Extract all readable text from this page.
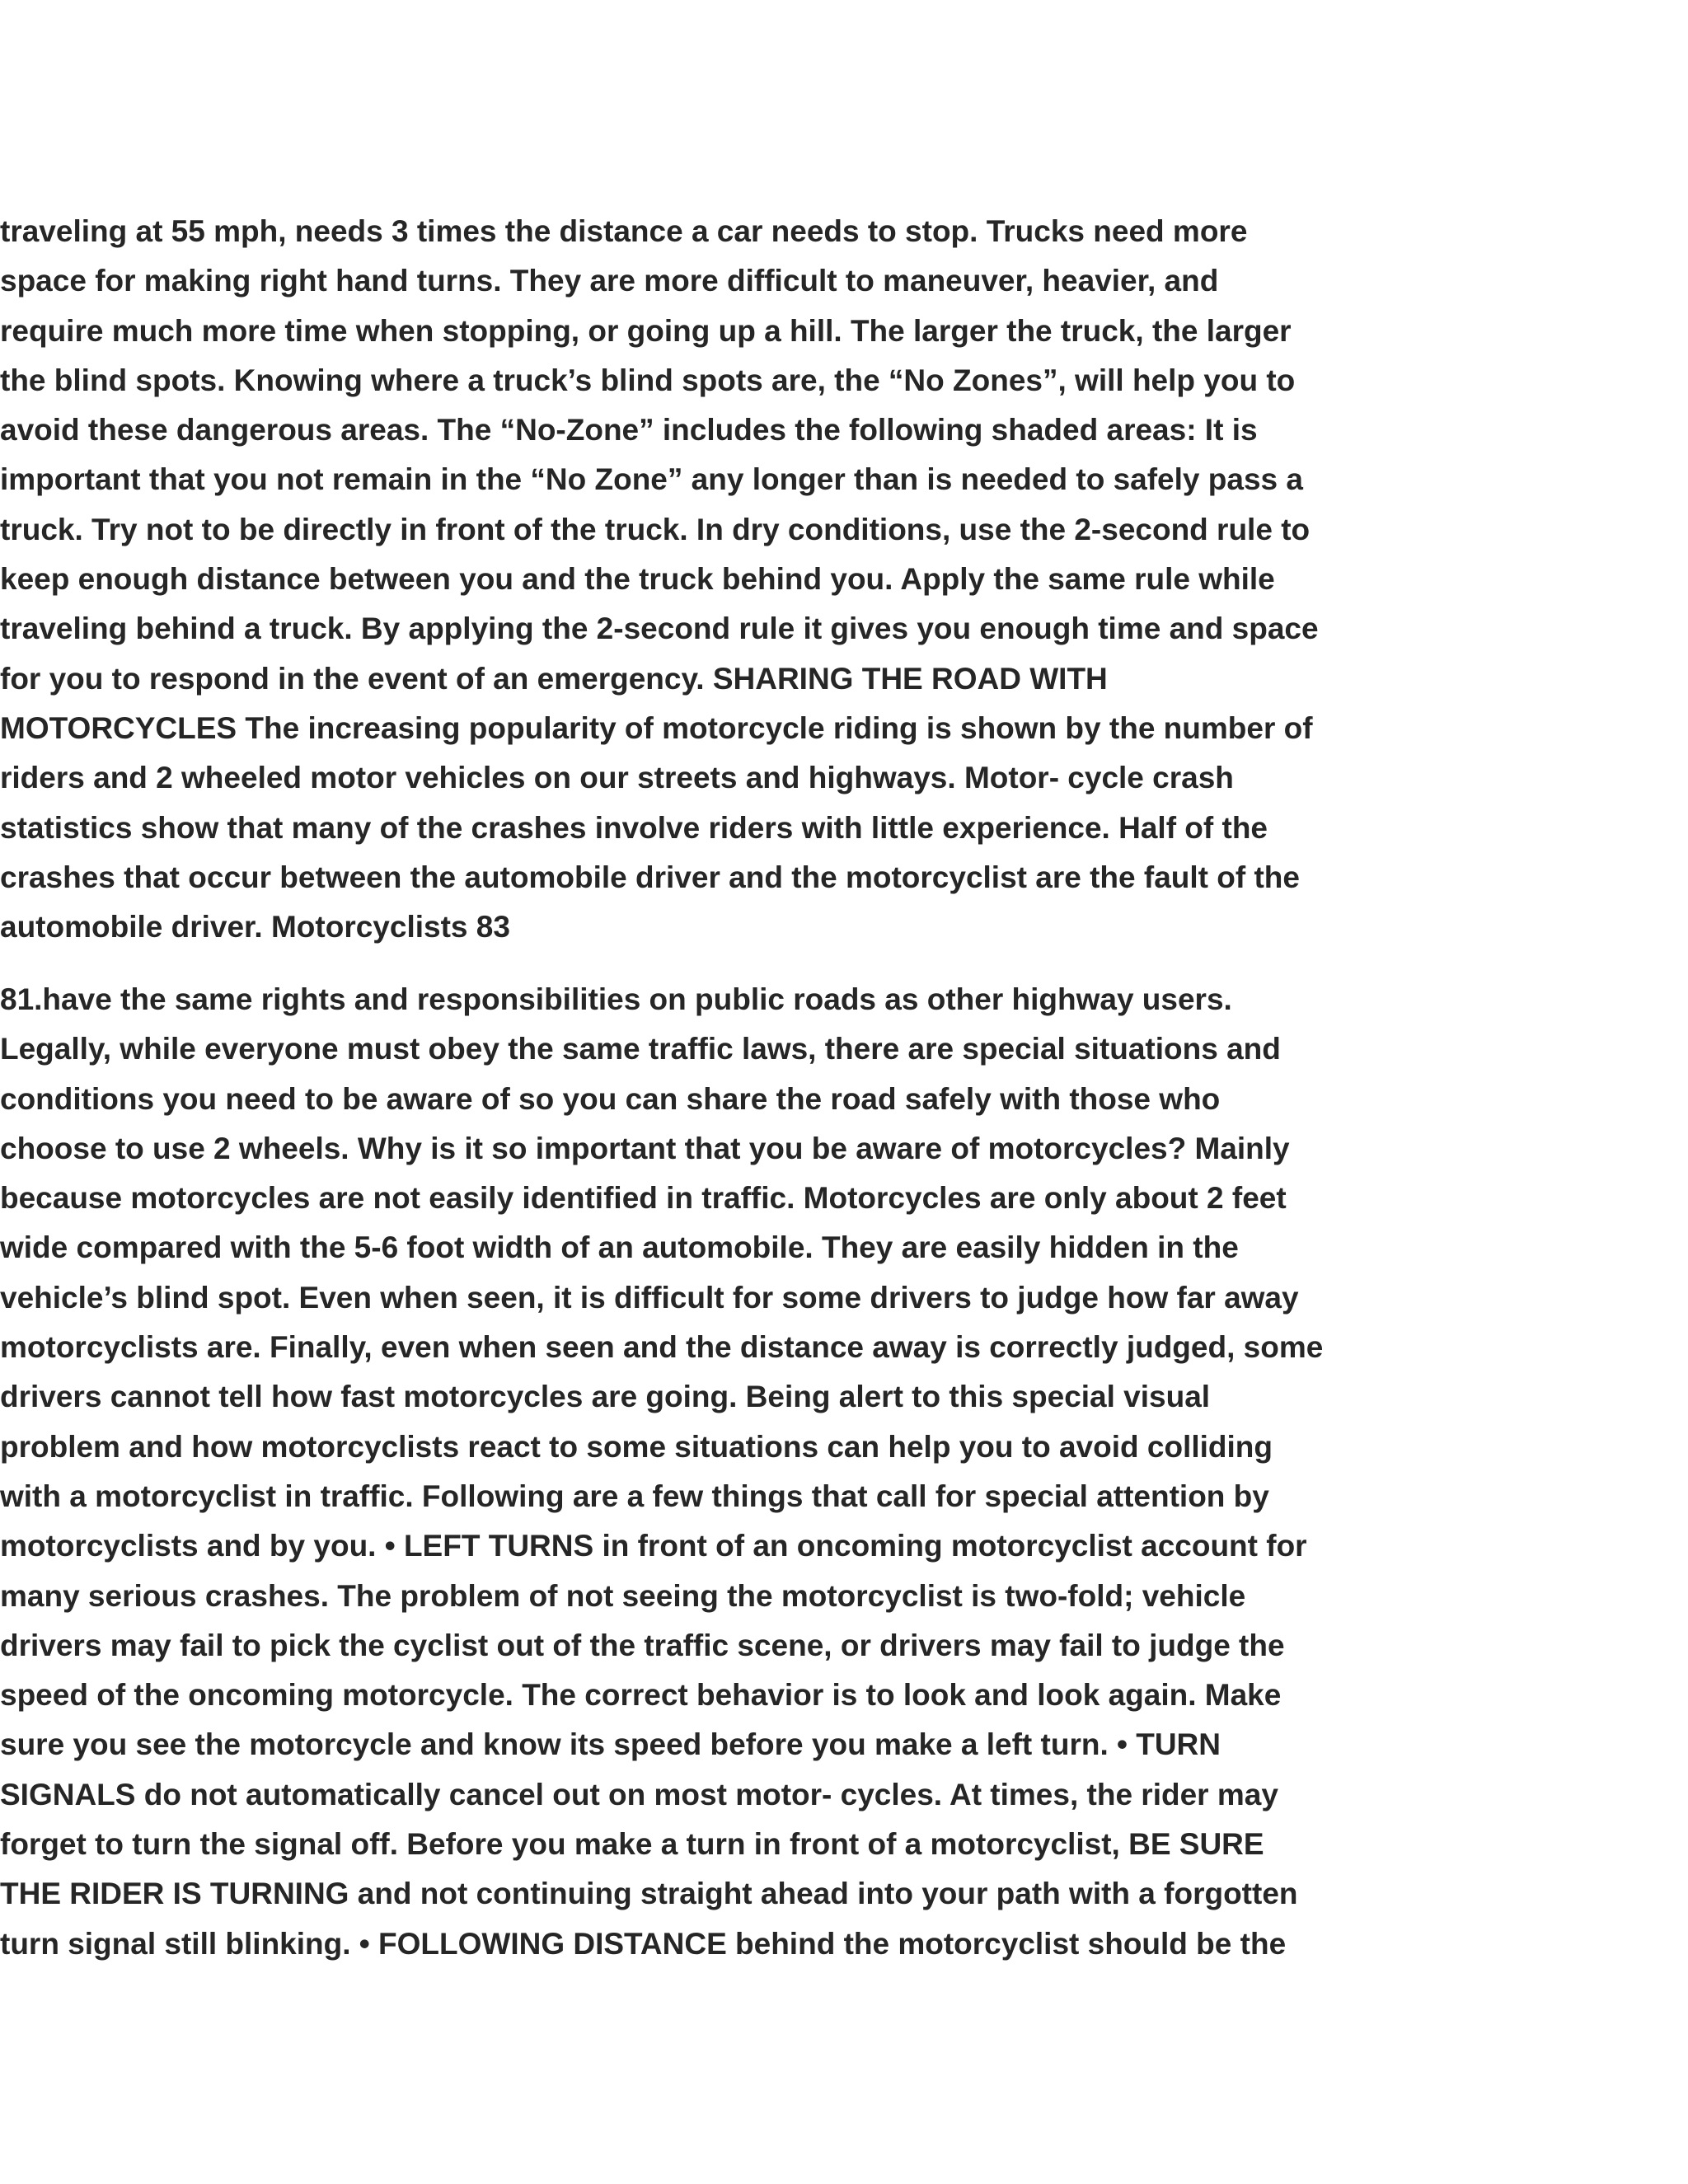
traveling at 55 mph, needs 3 times the distance a car needs to stop. Trucks need more
space for making right hand turns. They are more difficult to maneuver, heavier, and
require much more time when stopping, or going up a hill. The larger the truck, the larger
the blind spots. Knowing where a truck’s blind spots are, the “No Zones”, will help you to
avoid these dangerous areas. The “No-Zone” includes the following shaded areas: It is
important that you not remain in the “No Zone” any longer than is needed to safely pass a
truck. Try not to be directly in front of the truck. In dry conditions, use the 2-second rule to
keep enough distance between you and the truck behind you. Apply the same rule while
traveling behind a truck. By applying the 2-second rule it gives you enough time and space
for you to respond in the event of an emergency. SHARING THE ROAD WITH
MOTORCYCLES The increasing popularity of motorcycle riding is shown by the number of
riders and 2 wheeled motor vehicles on our streets and highways. Motor- cycle crash
statistics show that many of the crashes involve riders with little experience. Half of the
crashes that occur between the automobile driver and the motorcyclist are the fault of the
automobile driver. Motorcyclists 83

81.have the same rights and responsibilities on public roads as other highway users.
Legally, while everyone must obey the same traffic laws, there are special situations and
conditions you need to be aware of so you can share the road safely with those who
choose to use 2 wheels. Why is it so important that you be aware of motorcycles? Mainly
because motorcycles are not easily identified in traffic. Motorcycles are only about 2 feet
wide compared with the 5-6 foot width of an automobile. They are easily hidden in the
vehicle’s blind spot. Even when seen, it is difficult for some drivers to judge how far away
motorcyclists are. Finally, even when seen and the distance away is correctly judged, some
drivers cannot tell how fast motorcycles are going. Being alert to this special visual
problem and how motorcyclists react to some situations can help you to avoid colliding
with a motorcyclist in traffic. Following are a few things that call for special attention by
motorcyclists and by you. • LEFT TURNS in front of an oncoming motorcyclist account for
many serious crashes. The problem of not seeing the motorcyclist is two-fold; vehicle
drivers may fail to pick the cyclist out of the traffic scene, or drivers may fail to judge the
speed of the oncoming motorcycle. The correct behavior is to look and look again. Make
sure you see the motorcycle and know its speed before you make a left turn. • TURN
SIGNALS do not automatically cancel out on most motor- cycles. At times, the rider may
forget to turn the signal off. Before you make a turn in front of a motorcyclist, BE SURE
THE RIDER IS TURNING and not continuing straight ahead into your path with a forgotten
turn signal still blinking. • FOLLOWING DISTANCE behind the motorcyclist should be the
